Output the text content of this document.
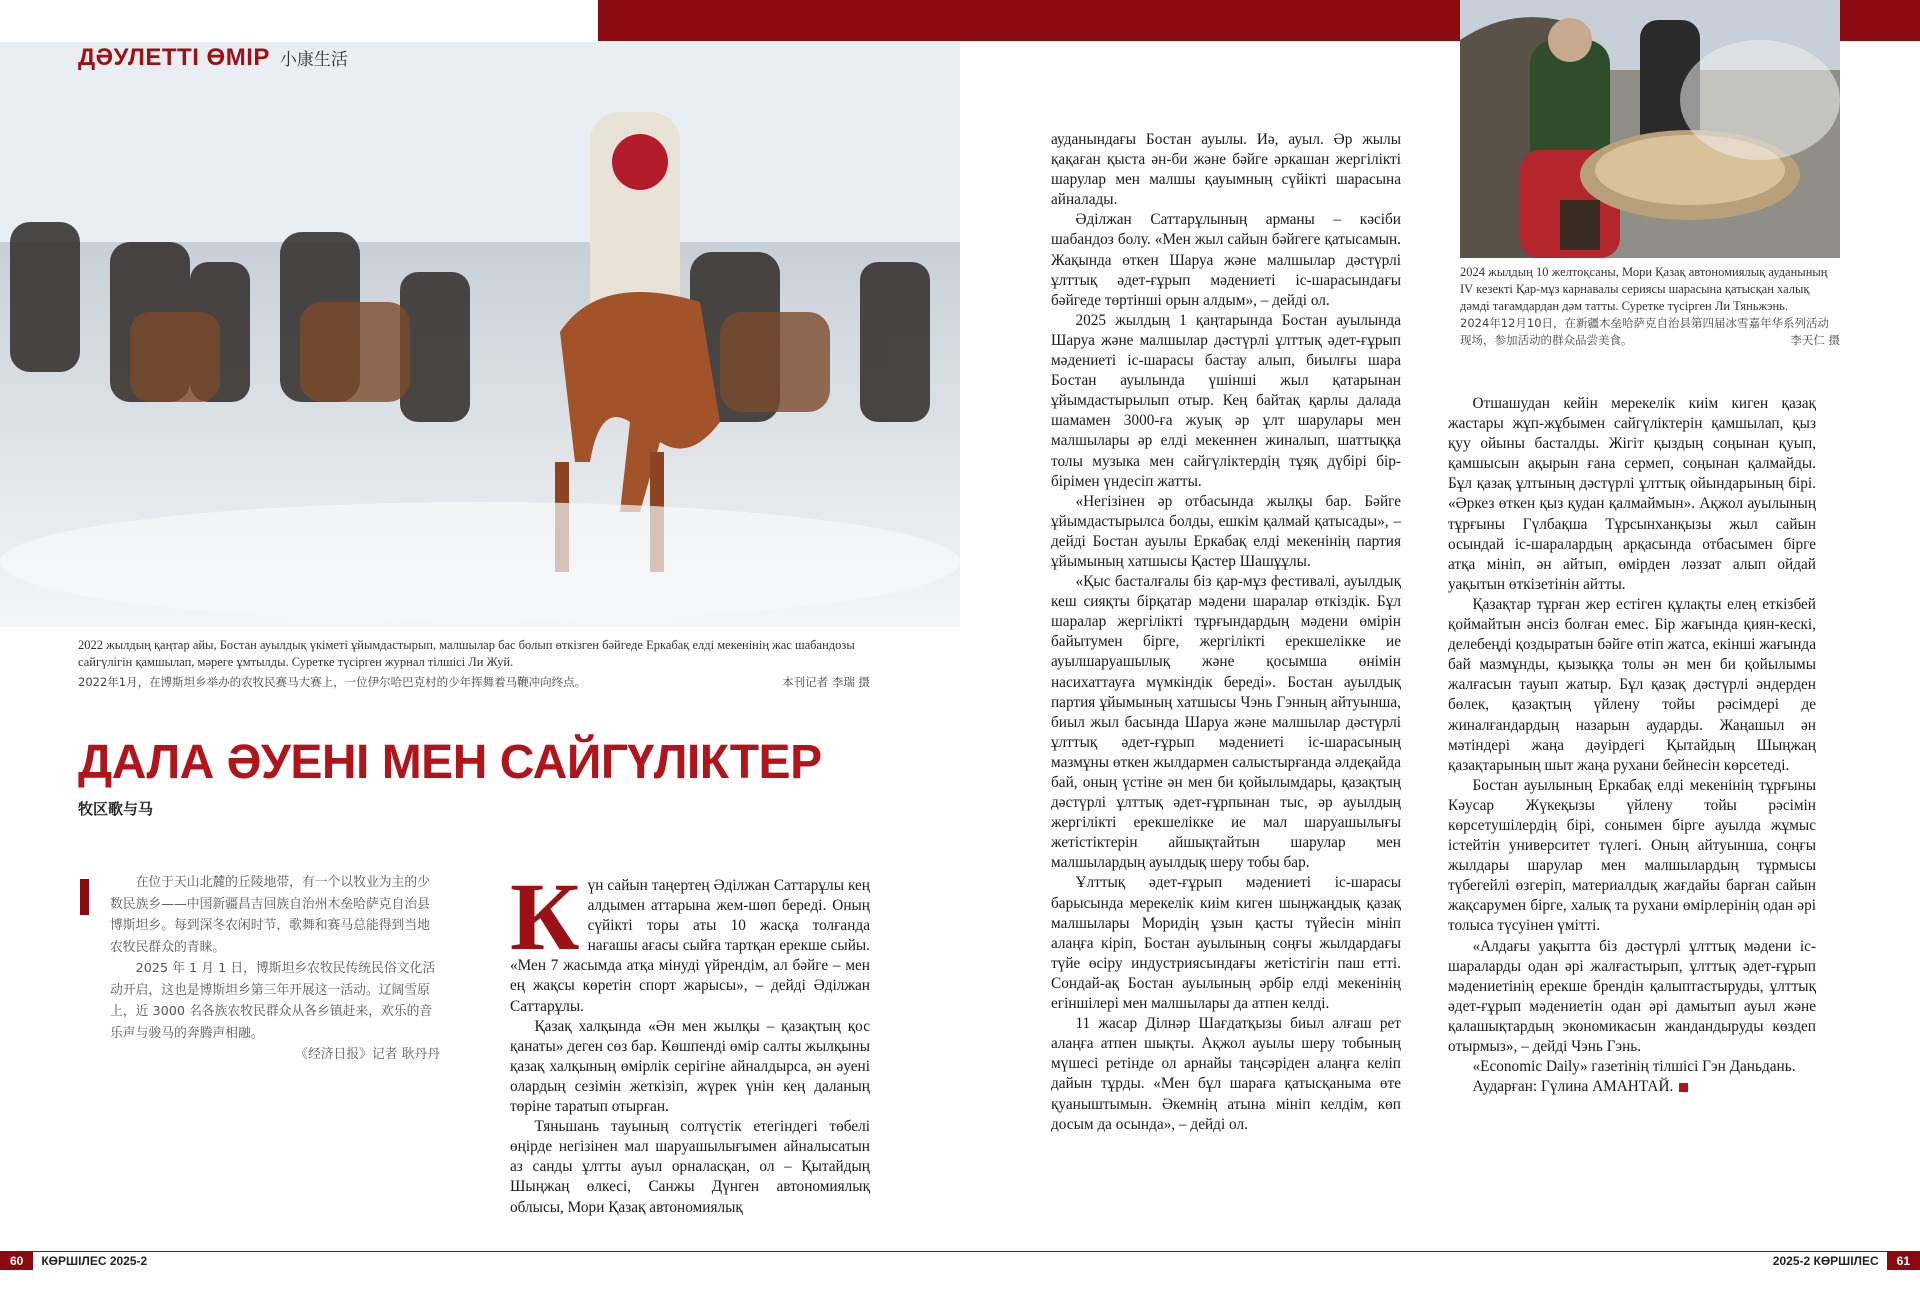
ДӘУЛЕТТІ ӨМІР 小康生活
2022 жылдың қаңтар айы, Бостан ауылдық үкіметі ұйымдастырып, малшылар бас болып өткізген бәйгеде Еркабақ елді мекенінің жас шабандозы сайгүлігін қамшылап, мәреге ұмтылды. Суретке түсірген журнал тілшісі Ли Жуй.
2022年1月，在博斯坦乡举办的农牧民赛马大赛上，一位伊尔哈巴克村的少年挥舞着马鞭冲向终点。	本刊记者 李瑞 摄
2024 жылдың 10 желтоқсаны, Мори Қазақ автономиялық ауданының IV кезекті Қар-мұз карнавалы сериясы шарасына қатысқан халық дәмді тағамдардан дәм татты. Суретке түсірген Ли Тяньжэнь.
2024年12月10日，在新疆木垒哈萨克自治县第四届冰雪嘉年华系列活动现场，参加活动的群众品尝美食。	李天仁 摄
ДАЛА ӘУЕНІ МЕН САЙГҮЛІКТЕР
牧区歌与马

在位于天山北麓的丘陵地带，有一个以牧业为主的少数民族乡——中国新疆昌吉回族自治州木垒哈萨克自治县博斯坦乡。每到深冬农闲时节，歌舞和赛马总能得到当地农牧民群众的青睐。

2025 年 1 月 1 日，博斯坦乡农牧民传统民俗文化活动开启，这也是博斯坦乡第三年开展这一活动。辽阔雪原上，近 3000 名各族农牧民群众从各乡镇赶来，欢乐的音乐声与骏马的奔腾声相融。

《经济日报》记者 耿丹丹

Күн сайын таңертең Әділжан Саттарұлы кең алдымен аттарына жем-шөп береді. Оның сүйікті торы аты 10 жасқа толғанда нағашы ағасы сыйға тартқан ерекше сыйы. «Мен 7 жасымда атқа мінуді үйрендім, ал бәйге – мен ең жақсы көретін спорт жарысы», – дейді Әділжан Саттарұлы.

Қазақ халқында «Ән мен жылқы – қазақтың қос қанаты» деген сөз бар. Көшпенді өмір салты жылқыны қазақ халқының өмірлік серігіне айналдырса, ән әуені олардың сезімін жеткізіп, жүрек үнін кең даланың төріне таратып отырған.

Тяньшань тауының солтүстік етегіндегі төбелі өңірде негізінен мал шаруашылығымен айналысатын аз санды ұлтты ауыл орналасқан, ол – Қытайдың Шыңжаң өлкесі, Санжы Дүнген автономиялық облысы, Мори Қазақ автономиялық

ауданындағы Бостан ауылы. Иә, ауыл. Әр жылы қақаған қыста ән-би және бәйге әркашан жергілікті шарулар мен малшы қауымның сүйікті шарасына айналады.

Әділжан Саттарұлының арманы – кәсіби шабандоз болу. «Мен жыл сайын бәйгеге қатысамын. Жақында өткен Шаруа және малшылар дәстүрлі ұлттық әдет-ғұрып мәдениеті іс-шарасындағы бәйгеде төртінші орын алдым», – дейді ол.

2025 жылдың 1 қаңтарында Бостан ауылында Шаруа және малшылар дәстүрлі ұлттық әдет-ғұрып мәдениеті іс-шарасы бастау алып, биылғы шара Бостан ауылында үшінші жыл қатарынан ұйымдастырылып отыр. Кең байтақ қарлы далада шамамен 3000-ға жуық әр ұлт шарулары мен малшылары әр елді мекеннен жиналып, шаттыққа толы музыка мен сайгүліктердің тұяқ дүбірі бір-бірімен үндесіп жатты.

«Негізінен әр отбасында жылқы бар. Бәйге ұйымдастырылса болды, ешкім қалмай қатысады», – дейді Бостан ауылы Еркабақ елді мекенінің партия ұйымының хатшысы Қастер Шашұұлы.

«Қыс басталғалы біз қар-мұз фестивалі, ауылдық кеш сияқты бірқатар мәдени шаралар өткіздік. Бұл шаралар жергілікті тұрғындардың мәдени өмірін байытумен бірге, жергілікті ерекшелікке ие ауылшаруашылық және қосымша өнімін насихаттауға мүмкіндік береді». Бостан ауылдық партия ұйымының хатшысы Чэнь Гэнның айтуынша, биыл жыл басында Шаруа және малшылар дәстүрлі ұлттық әдет-ғұрып мәдениеті іс-шарасының мазмұны өткен жылдармен салыстырғанда әлдеқайда бай, оның үстіне ән мен би қойылымдары, қазақтың дәстүрлі ұлттық әдет-ғұрпынан тыс, әр ауылдың жергілікті ерекшелікке ие мал шаруашылығы жетістіктерін айшықтайтын шарулар мен малшылардың ауылдық шеру тобы бар.

Ұлттық әдет-ғұрып мәдениеті іс-шарасы барысында мерекелік киім киген шыңжаңдық қазақ малшылары Моридің ұзын қасты түйесін мініп алаңға кіріп, Бостан ауылының соңғы жылдардағы түйе өсіру индустриясындағы жетістігін паш етті. Сондай-ақ Бостан ауылының әрбір елді мекенінің егіншілері мен малшылары да атпен келді.

11 жасар Ділнәр Шағдатқызы биыл алғаш рет алаңға атпен шықты. Ақжол ауылы шеру тобының мүшесі ретінде ол арнайы таңсәріден алаңға келіп дайын тұрды. «Мен бұл шараға қатысқаныма өте қуаныштымын. Әкемнің атына мініп келдім, көп досым да осында», – дейді ол.

Отшашудан кейін мерекелік киім киген қазақ жастары жұп-жұбымен сайгүліктерін қамшылап, қыз қуу ойыны басталды. Жігіт қыздың соңынан қуып, қамшысын ақырын ғана сермеп, соңынан қалмайды. Бұл қазақ ұлтының дәстүрлі ұлттық ойындарының бірі. «Әркез өткен қыз қудан қалмаймын». Ақжол ауылының тұрғыны Гүлбақша Тұрсынханқызы жыл сайын осындай іс-шаралардың арқасында отбасымен бірге атқа мініп, ән айтып, өмірден ләззат алып ойдай уақытын өткізетінін айтты.

Қазақтар тұрған жер естіген құлақты елең еткізбей қоймайтын әнсіз болған емес. Бір жағында қиян-кескі, делебеңді қоздыратын бәйге өтіп жатса, екінші жағында бай мазмұнды, қызыққа толы ән мен би қойылымы жалғасын тауып жатыр. Бұл қазақ дәстүрлі әндерден бөлек, қазақтың үйлену тойы рәсімдері де жиналғандардың назарын аударды. Жаңашыл ән мәтіндері жаңа дәуірдегі Қытайдың Шыңжаң қазақтарының шыт жаңа рухани бейнесін көрсетеді.

Бостан ауылының Еркабақ елді мекенінің тұрғыны Кәусар Жүкеқызы үйлену тойы рәсімін көрсетушілердің бірі, сонымен бірге ауылда жұмыс істейтін университет түлегі. Оның айтуынша, соңғы жылдары шарулар мен малшылардың тұрмысы түбегейлі өзгеріп, материалдық жағдайы барған сайын жақсарумен бірге, халық та рухани өмірлерінің одан әрі толыса түсуінен үмітті.

«Алдағы уақытта біз дәстүрлі ұлттық мәдени іс-шараларды одан әрі жалғастырып, ұлттық әдет-ғұрып мәдениетінің ерекше брендін қалыптастыруды, ұлттық әдет-ғұрып мәдениетін одан әрі дамытып ауыл және қалашықтардың экономикасын жандандыруды көздеп отырмыз», – дейді Чэнь Гэнь.

«Economic Daily» газетінің тілшісі Гэн Даньдань.

Аударған: Гүлина АМАНТАЙ.

60	КӨРШІЛЕС 2025-2	2025-2 КӨРШІЛЕС	61
